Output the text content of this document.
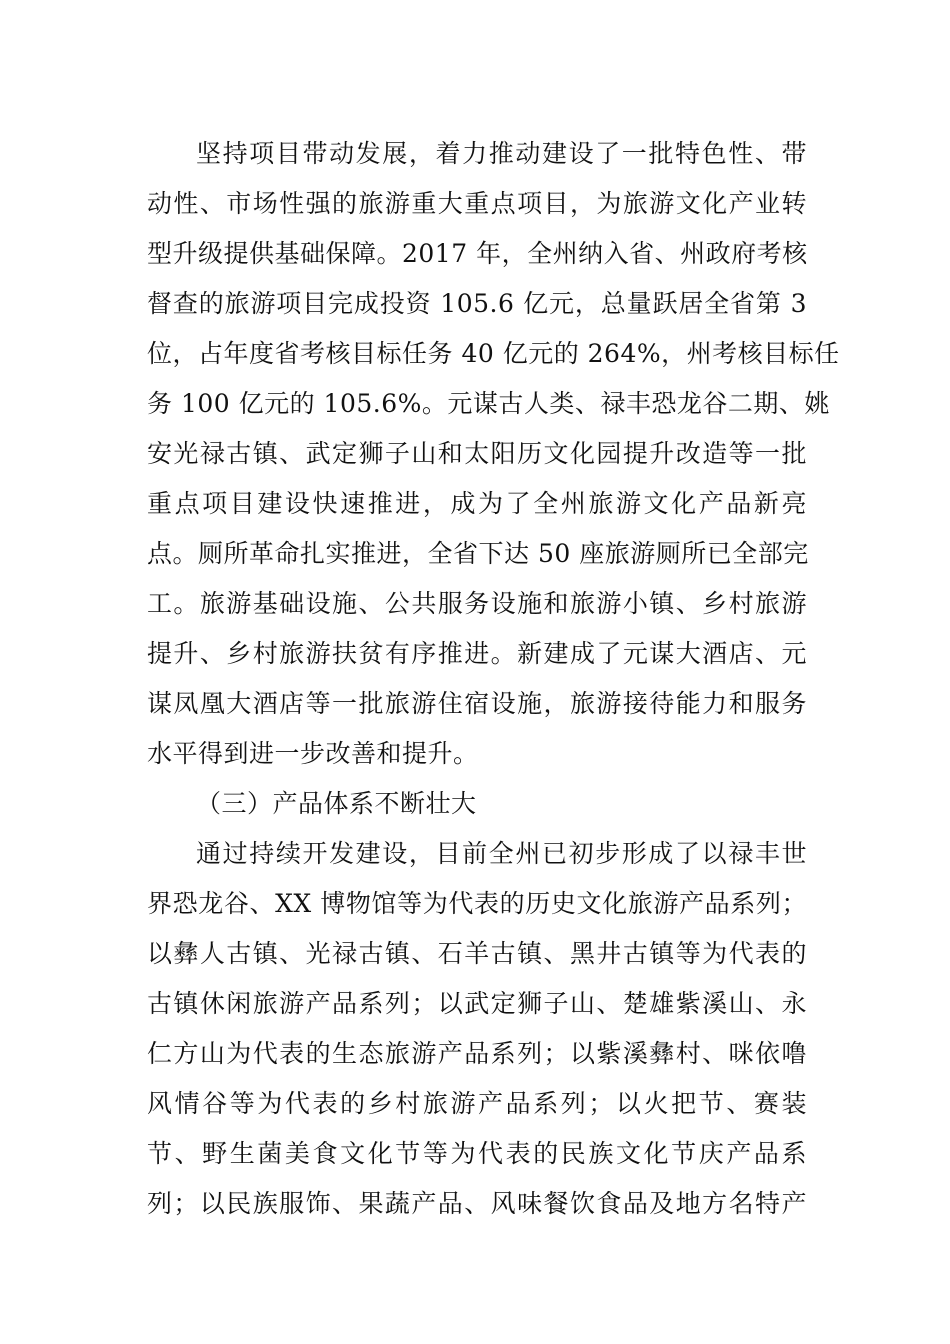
坚持项目带动发展，着力推动建设了一批特色性、带
动性、市场性强的旅游重大重点项目，为旅游文化产业转
型升级提供基础保障。2017 年，全州纳入省、州政府考核
督查的旅游项目完成投资 105.6 亿元，总量跃居全省第 3
位，占年度省考核目标任务 40 亿元的 264%，州考核目标任
务 100 亿元的 105.6%。元谋古人类、禄丰恐龙谷二期、姚
安光禄古镇、武定狮子山和太阳历文化园提升改造等一批
重点项目建设快速推进，成为了全州旅游文化产品新亮
点。厕所革命扎实推进，全省下达 50 座旅游厕所已全部完
工。旅游基础设施、公共服务设施和旅游小镇、乡村旅游
提升、乡村旅游扶贫有序推进。新建成了元谋大酒店、元
谋凤凰大酒店等一批旅游住宿设施，旅游接待能力和服务
水平得到进一步改善和提升。
（三）产品体系不断壮大
通过持续开发建设，目前全州已初步形成了以禄丰世
界恐龙谷、XX 博物馆等为代表的历史文化旅游产品系列；
以彝人古镇、光禄古镇、石羊古镇、黑井古镇等为代表的
古镇休闲旅游产品系列；以武定狮子山、楚雄紫溪山、永
仁方山为代表的生态旅游产品系列；以紫溪彝村、咪依噜
风情谷等为代表的乡村旅游产品系列；以火把节、赛装
节、野生菌美食文化节等为代表的民族文化节庆产品系
列；以民族服饰、果蔬产品、风味餐饮食品及地方名特产
